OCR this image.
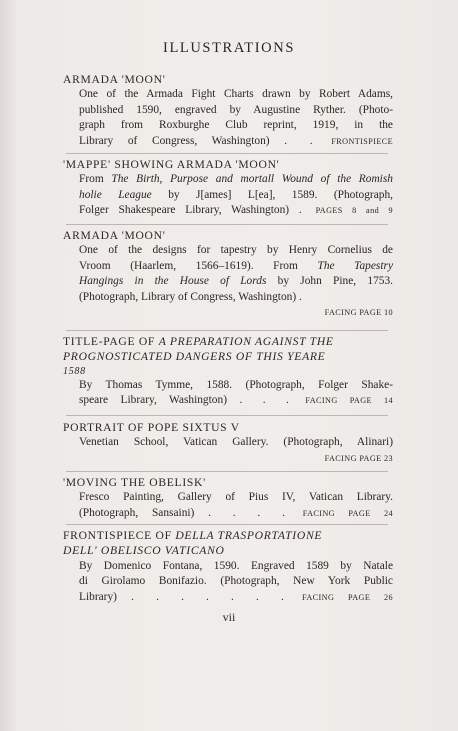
ILLUSTRATIONS
ARMADA 'MOON'
One of the Armada Fight Charts drawn by Robert Adams,
published 1590, engraved by Augustine Ryther. (Photo-
graph from Roxburghe Club reprint, 1919, in the
Library of Congress, Washington) . . FRONTISPIECE
'MAPPE' SHOWING ARMADA 'MOON'
From The Birth, Purpose and mortall Wound of the Romish
holie League by J[ames] L[ea], 1589. (Photograph,
Folger Shakespeare Library, Washington) . PAGES 8 and 9
ARMADA 'MOON'
One of the designs for tapestry by Henry Cornelius de
Vroom (Haarlem, 1566–1619). From The Tapestry
Hangings in the House of Lords by John Pine, 1753.
(Photograph, Library of Congress, Washington) .
FACING PAGE 10
TITLE-PAGE OF A PREPARATION AGAINST THE
PROGNOSTICATED DANGERS OF THIS YEARE
1588
By Thomas Tymme, 1588. (Photograph, Folger Shake-
speare Library, Washington) . . . FACING PAGE 14
PORTRAIT OF POPE SIXTUS V
Venetian School, Vatican Gallery. (Photograph, Alinari)
FACING PAGE 23
'MOVING THE OBELISK'
Fresco Painting, Gallery of Pius IV, Vatican Library.
(Photograph, Sansaini) . . . . FACING PAGE 24
FRONTISPIECE OF DELLA TRASPORTATIONE
DELL' OBELISCO VATICANO
By Domenico Fontana, 1590. Engraved 1589 by Natale
di Girolamo Bonifazio. (Photograph, New York Public
Library) . . . . . . . FACING PAGE 26
vii
